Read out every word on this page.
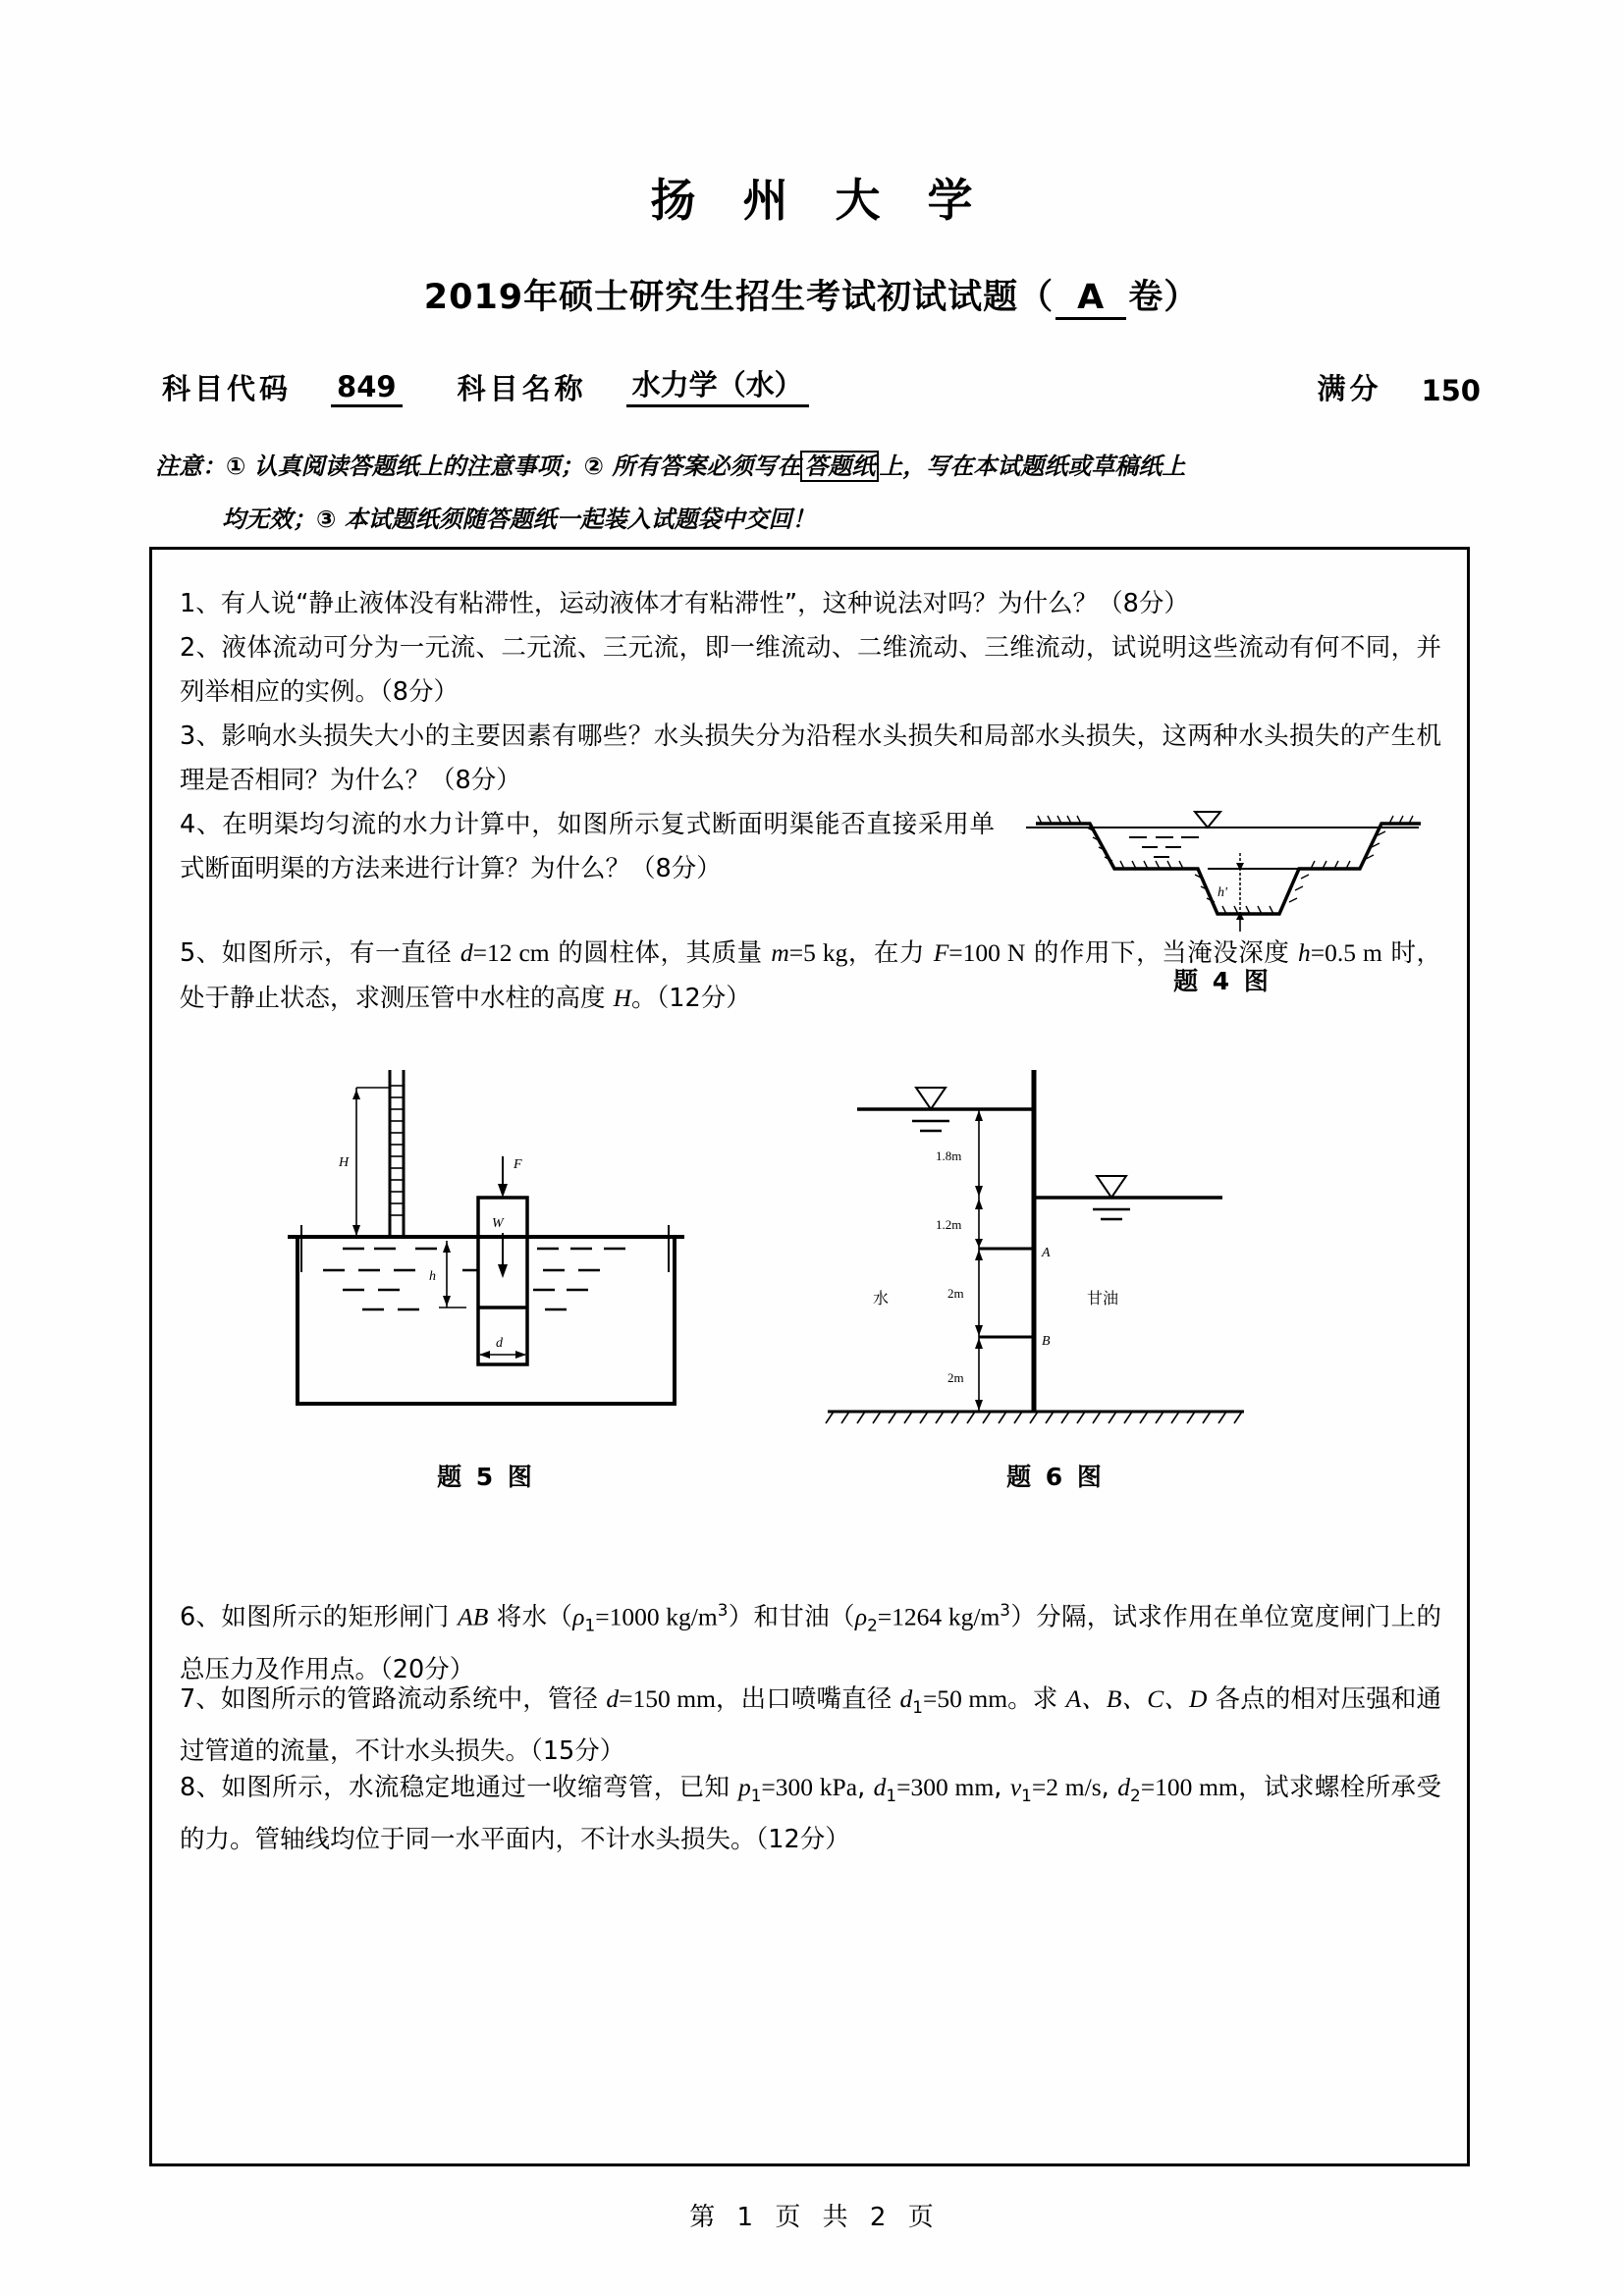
扬 州 大 学
2019年硕士研究生招生考试初试试题（ A 卷）
科目代码 849 科目名称 水力学（水）	满分 150
注意：① 认真阅读答题纸上的注意事项；② 所有答案必须写在 答题纸 上，写在本试题纸或草稿纸上
均无效；③ 本试题纸须随答题纸一起装入试题袋中交回！
1、有人说“静止液体没有粘滞性，运动液体才有粘滞性”，这种说法对吗？为什么？（8分）
2、液体流动可分为一元流、二元流、三元流，即一维流动、二维流动、三维流动，试说明这些流动有何不同，并列举相应的实例。（8分）
3、影响水头损失大小的主要因素有哪些？水头损失分为沿程水头损失和局部水头损失，这两种水头损失的产生机理是否相同？为什么？（8分）
4、在明渠均匀流的水力计算中，如图所示复式断面明渠能否直接采用单式断面明渠的方法来进行计算？为什么？（8分）
h'
题 4 图
5、如图所示，有一直径 d=12 cm 的圆柱体，其质量 m=5 kg，在力 F=100 N 的作用下，当淹没深度 h=0.5 m 时，处于静止状态，求测压管中水柱的高度 H。（12分）
H	F
W
h
d
题 5 图
A
B
1.8m
1.2m
2m
2m
水	甘油
题 6 图
6、如图所示的矩形闸门 AB 将水（$\rho_1=1000$ $kg/m^3$）和甘油（$\rho_2=1264$ $kg/m^3$）分隔，试求作用在单位宽度闸门上的总压力及作用点。（20分）
7、如图所示的管路流动系统中，管径 d=150 mm，出口喷嘴直径 $d_1=50$ mm。求 A、B、C、D 各点的相对压强和通过管道的流量，不计水头损失。（15分）
8、如图所示，水流稳定地通过一收缩弯管，已知 $p_1=300$ kPa, $d_1=300$ mm, $v_1=2$ m/s, $d_2=100$ mm，试求螺栓所承受的力。管轴线均位于同一水平面内，不计水头损失。（12分）
第 1 页 共 2 页
